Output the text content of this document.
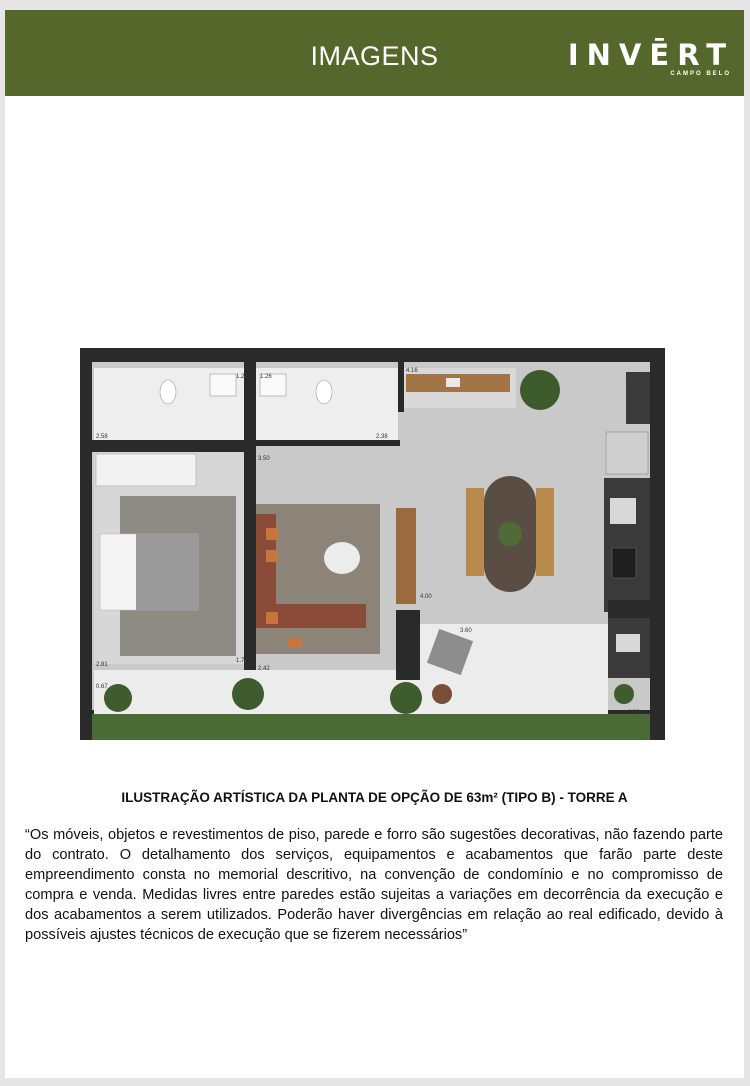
IMAGENS	INVĒRT
CAMPO BELO
2.58
1.26 1.26
2.38
4.16
3.57
3.50
4.00
3.60
2.81
1.71
2.42
0.67
0.36
ILUSTRAÇÃO ARTÍSTICA DA PLANTA DE OPÇÃO DE 63m² (TIPO B) - TORRE A
“Os móveis, objetos e revestimentos de piso, parede e forro são sugestões decorativas, não fazendo parte do contrato. O detalhamento dos serviços, equipamentos e acabamentos que farão parte deste empreendimento consta no memorial descritivo, na convenção de condomínio e no compromisso de compra e venda. Medidas livres entre paredes estão sujeitas a variações em decorrência da execução e dos acabamentos a serem utilizados. Poderão haver divergências em relação ao real edificado, devido à possíveis ajustes técnicos de execução que se fizerem necessários”
